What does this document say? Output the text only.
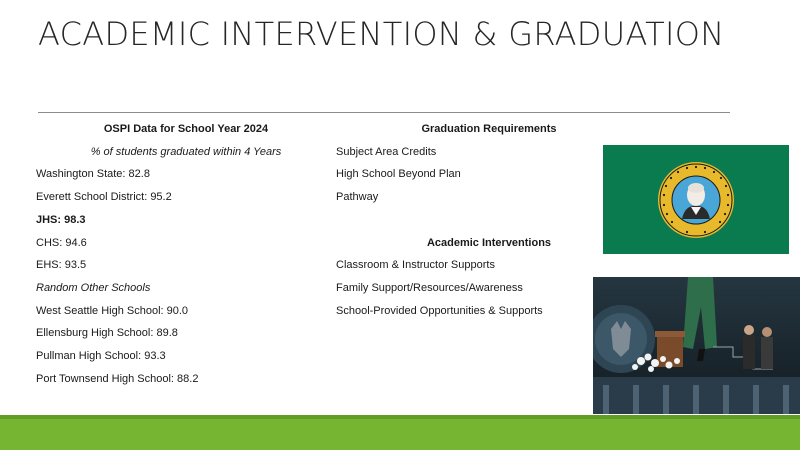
ACADEMIC INTERVENTION & GRADUATION
OSPI Data for School Year 2024
% of students graduated within 4 Years
Washington State: 82.8
Everett School District: 95.2
JHS: 98.3
CHS: 94.6
EHS: 93.5
Random Other Schools
West Seattle High School: 90.0
Ellensburg High School: 89.8
Pullman High School: 93.3
Port Townsend High School: 88.2
Graduation Requirements
Subject Area Credits
High School Beyond Plan
Pathway
Academic Interventions
Classroom & Instructor Supports
Family Support/Resources/Awareness
School-Provided Opportunities & Supports
